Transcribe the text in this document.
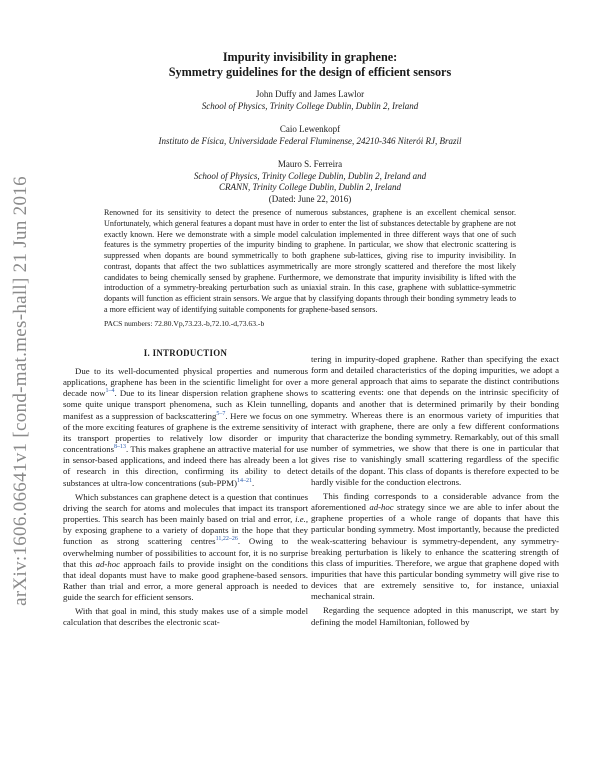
arXiv:1606.06641v1 [cond-mat.mes-hall] 21 Jun 2016
Impurity invisibility in graphene:
Symmetry guidelines for the design of efficient sensors
John Duffy and James Lawlor
School of Physics, Trinity College Dublin, Dublin 2, Ireland
Caio Lewenkopf
Instituto de Física, Universidade Federal Fluminense, 24210-346 Niterói RJ, Brazil
Mauro S. Ferreira
School of Physics, Trinity College Dublin, Dublin 2, Ireland and
CRANN, Trinity College Dublin, Dublin 2, Ireland
(Dated: June 22, 2016)
Renowned for its sensitivity to detect the presence of numerous substances, graphene is an excellent chemical sensor. Unfortunately, which general features a dopant must have in order to enter the list of substances detectable by graphene are not exactly known. Here we demonstrate with a simple model calculation implemented in three different ways that one of such features is the symmetry properties of the impurity binding to graphene. In particular, we show that electronic scattering is suppressed when dopants are bound symmetrically to both graphene sub-lattices, giving rise to impurity invisibility. In contrast, dopants that affect the two sublattices asymmetrically are more strongly scattered and therefore the most likely candidates to being chemically sensed by graphene. Furthermore, we demonstrate that impurity invisibility is lifted with the introduction of a symmetry-breaking perturbation such as uniaxial strain. In this case, graphene with sublattice-symmetric dopants will function as efficient strain sensors. We argue that by classifying dopants through their bonding symmetry leads to a more efficient way of identifying suitable components for graphene-based sensors.
PACS numbers: 72.80.Vp,73.23.-b,72.10.-d,73.63.-b
I. INTRODUCTION

Due to its well-documented physical properties and numerous applications, graphene has been in the scientific limelight for over a decade now$^{1-4}$. Due to its linear dispersion relation graphene shows some quite unique transport phenomena, such as Klein tunnelling, manifest as a suppression of backscattering$^{5-7}$. Here we focus on one of the more exciting features of graphene is the extreme sensitivity of its transport properties to relatively low disorder or impurity concentrations$^{8-13}$. This makes graphene an attractive material for use in sensor-based applications, and indeed there has already been a lot of research in this direction, confirming its ability to detect substances at ultra-low concentrations (sub-PPM)$^{14-21}$.

Which substances can graphene detect is a question that continues driving the search for atoms and molecules that impact its transport properties. This search has been mainly based on trial and error, i.e., by exposing graphene to a variety of dopants in the hope that they function as strong scattering centres$^{11,22-26}$. Owing to the overwhelming number of possibilities to account for, it is no surprise that this ad-hoc approach fails to provide insight on the conditions that ideal dopants must have to make good graphene-based sensors. Rather than trial and error, a more general approach is needed to guide the search for efficient sensors.

With that goal in mind, this study makes use of a simple model calculation that describes the electronic scat-

tering in impurity-doped graphene. Rather than specifying the exact form and detailed characteristics of the doping impurities, we adopt a more general approach that aims to separate the distinct contributions to scattering events: one that depends on the intrinsic specificity of dopants and another that is determined primarily by their bonding symmetry. Whereas there is an enormous variety of impurities that interact with graphene, there are only a few different conformations that characterize the bonding symmetry. Remarkably, out of this small number of symmetries, we show that there is one in particular that gives rise to vanishingly small scattering regardless of the specific details of the dopant. This class of dopants is therefore expected to be hardly visible for the conduction electrons.

This finding corresponds to a considerable advance from the aforementioned ad-hoc strategy since we are able to infer about the graphene properties of a whole range of dopants that have this particular bonding symmetry. Most importantly, because the predicted weak-scattering behaviour is symmetry-dependent, any symmetry-breaking perturbation is likely to enhance the scattering strength of this class of impurities. Therefore, we argue that graphene doped with impurities that have this particular bonding symmetry will give rise to devices that are extremely sensitive to, for instance, uniaxial mechanical strain.

Regarding the sequence adopted in this manuscript, we start by defining the model Hamiltonian, followed by
